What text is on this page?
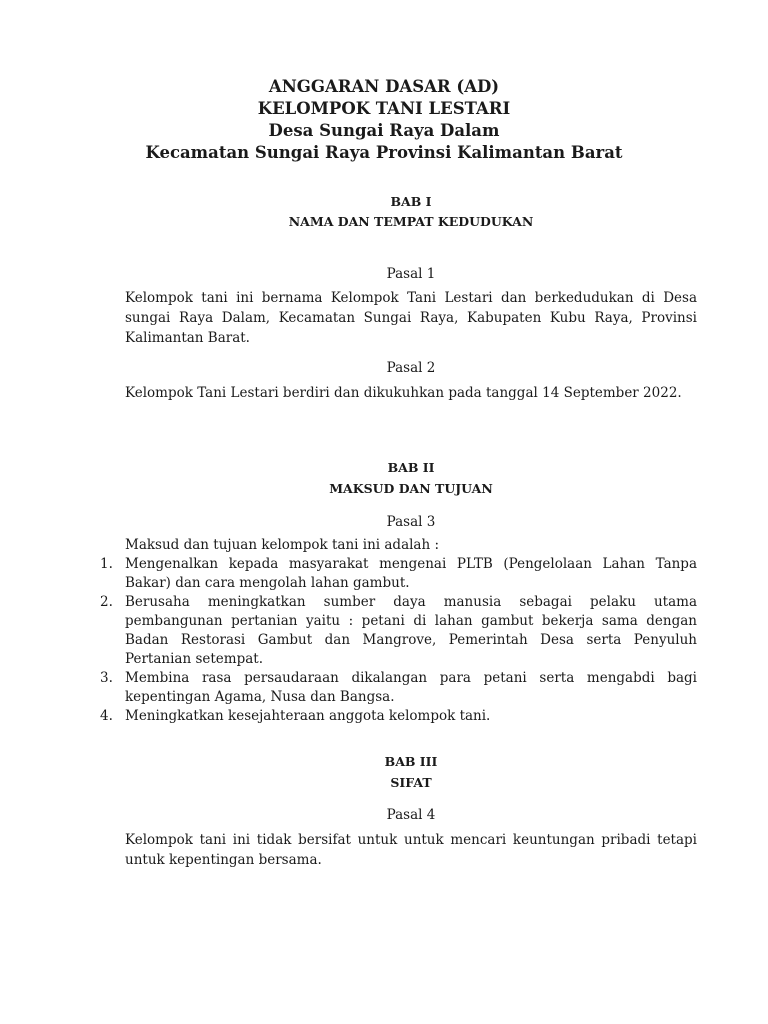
ANGGARAN DASAR (AD)
KELOMPOK TANI LESTARI
Desa Sungai Raya Dalam
Kecamatan Sungai Raya Provinsi Kalimantan Barat
BAB I
NAMA DAN TEMPAT KEDUDUKAN
Pasal 1
Kelompok tani ini bernama Kelompok Tani Lestari dan berkedudukan di Desa sungai Raya Dalam, Kecamatan Sungai Raya, Kabupaten Kubu Raya, Provinsi Kalimantan Barat.
Pasal 2
Kelompok Tani Lestari berdiri dan dikukuhkan pada tanggal 14 September 2022.
BAB II
MAKSUD DAN TUJUAN
Pasal 3
Maksud dan tujuan kelompok tani ini adalah :
1. Mengenalkan kepada masyarakat mengenai PLTB (Pengelolaan Lahan Tanpa Bakar) dan cara mengolah lahan gambut.
2. Berusaha meningkatkan sumber daya manusia sebagai pelaku utama pembangunan pertanian yaitu : petani di lahan gambut bekerja sama dengan Badan Restorasi Gambut dan Mangrove, Pemerintah Desa serta Penyuluh Pertanian setempat.
3. Membina rasa persaudaraan dikalangan para petani serta mengabdi bagi kepentingan Agama, Nusa dan Bangsa.
4. Meningkatkan kesejahteraan anggota kelompok tani.
BAB III
SIFAT
Pasal 4
Kelompok tani ini tidak bersifat untuk untuk mencari keuntungan pribadi tetapi untuk kepentingan bersama.
